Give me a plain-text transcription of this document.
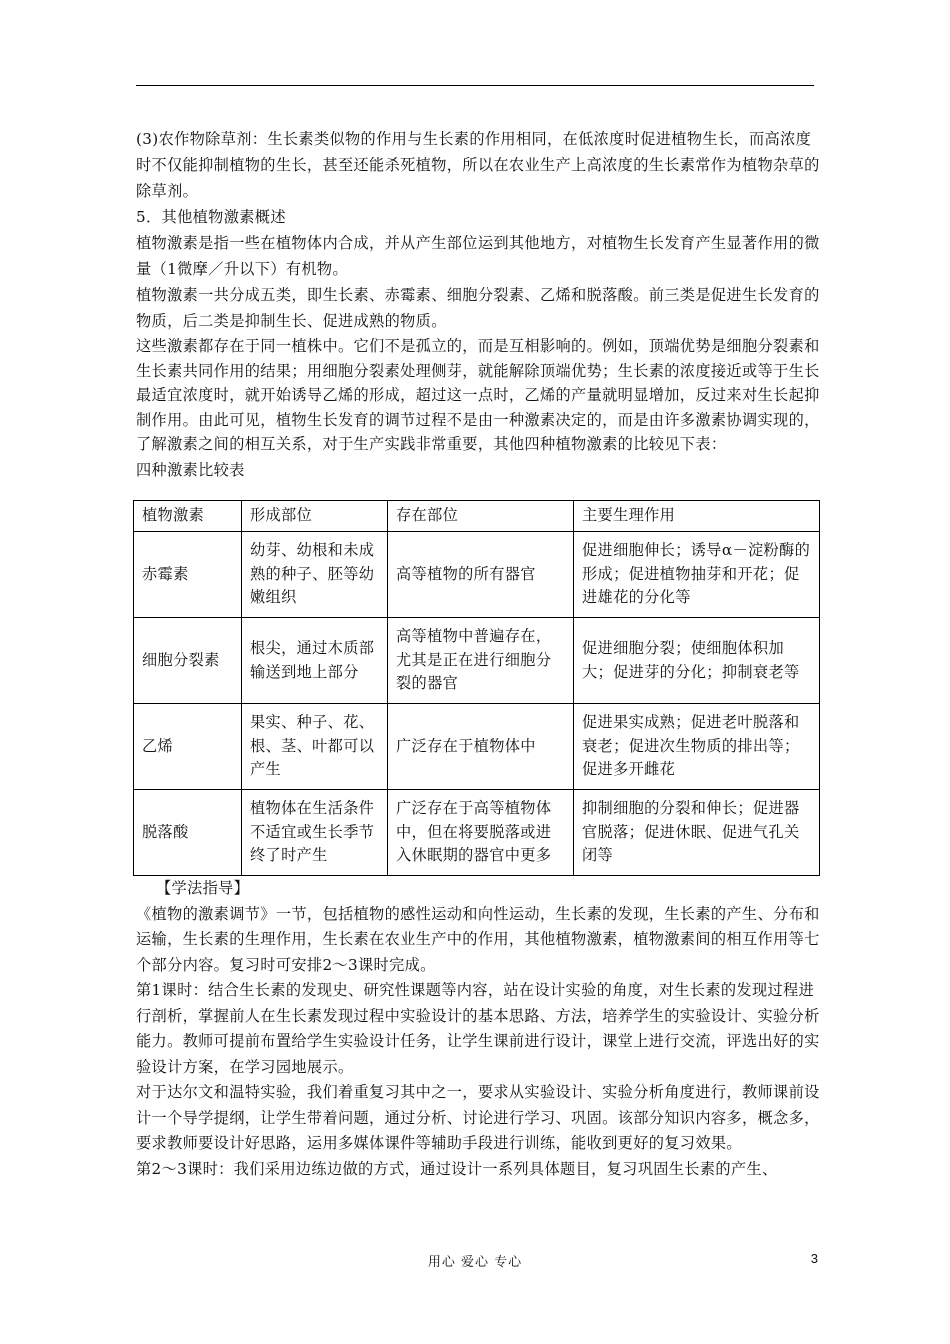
(3)农作物除草剂：生长素类似物的作用与生长素的作用相同，在低浓度时促进植物生长，而高浓度时不仅能抑制植物的生长，甚至还能杀死植物，所以在农业生产上高浓度的生长素常作为植物杂草的除草剂。

5．其他植物激素概述

植物激素是指一些在植物体内合成，并从产生部位运到其他地方，对植物生长发育产生显著作用的微量（1微摩／升以下）有机物。

植物激素一共分成五类，即生长素、赤霉素、细胞分裂素、乙烯和脱落酸。前三类是促进生长发育的物质，后二类是抑制生长、促进成熟的物质。

这些激素都存在于同一植株中。它们不是孤立的，而是互相影响的。例如，顶端优势是细胞分裂素和生长素共同作用的结果；用细胞分裂素处理侧芽，就能解除顶端优势；生长素的浓度接近或等于生长最适宜浓度时，就开始诱导乙烯的形成，超过这一点时，乙烯的产量就明显增加，反过来对生长起抑制作用。由此可见，植物生长发育的调节过程不是由一种激素决定的，而是由许多激素协调实现的，了解激素之间的相互关系，对于生产实践非常重要，其他四种植物激素的比较见下表：

四种激素比较表

植物激素	形成部位	存在部位	主要生理作用
赤霉素	幼芽、幼根和未成熟的种子、胚等幼嫩组织	高等植物的所有器官	促进细胞伸长；诱导α－淀粉酶的形成；促进植物抽芽和开花；促进雄花的分化等
细胞分裂素	根尖，通过木质部输送到地上部分	高等植物中普遍存在，尤其是正在进行细胞分裂的器官	促进细胞分裂；使细胞体积加大；促进芽的分化；抑制衰老等
乙烯	果实、种子、花、根、茎、叶都可以产生	广泛存在于植物体中	促进果实成熟；促进老叶脱落和衰老；促进次生物质的排出等；促进多开雌花
脱落酸	植物体在生活条件不适宜或生长季节终了时产生	广泛存在于高等植物体中，但在将要脱落或进入休眠期的器官中更多	抑制细胞的分裂和伸长；促进器官脱落；促进休眠、促进气孔关闭等

【学法指导】

《植物的激素调节》一节，包括植物的感性运动和向性运动，生长素的发现，生长素的产生、分布和运输，生长素的生理作用，生长素在农业生产中的作用，其他植物激素，植物激素间的相互作用等七个部分内容。复习时可安排2～3课时完成。

第1课时：结合生长素的发现史、研究性课题等内容，站在设计实验的角度，对生长素的发现过程进行剖析，掌握前人在生长素发现过程中实验设计的基本思路、方法，培养学生的实验设计、实验分析能力。教师可提前布置给学生实验设计任务，让学生课前进行设计，课堂上进行交流，评选出好的实验设计方案，在学习园地展示。

对于达尔文和温特实验，我们着重复习其中之一，要求从实验设计、实验分析角度进行，教师课前设计一个导学提纲，让学生带着问题，通过分析、讨论进行学习、巩固。该部分知识内容多，概念多，要求教师要设计好思路，运用多媒体课件等辅助手段进行训练，能收到更好的复习效果。

第2～3课时：我们采用边练边做的方式，通过设计一系列具体题目，复习巩固生长素的产生、

用心 爱心 专心	3
